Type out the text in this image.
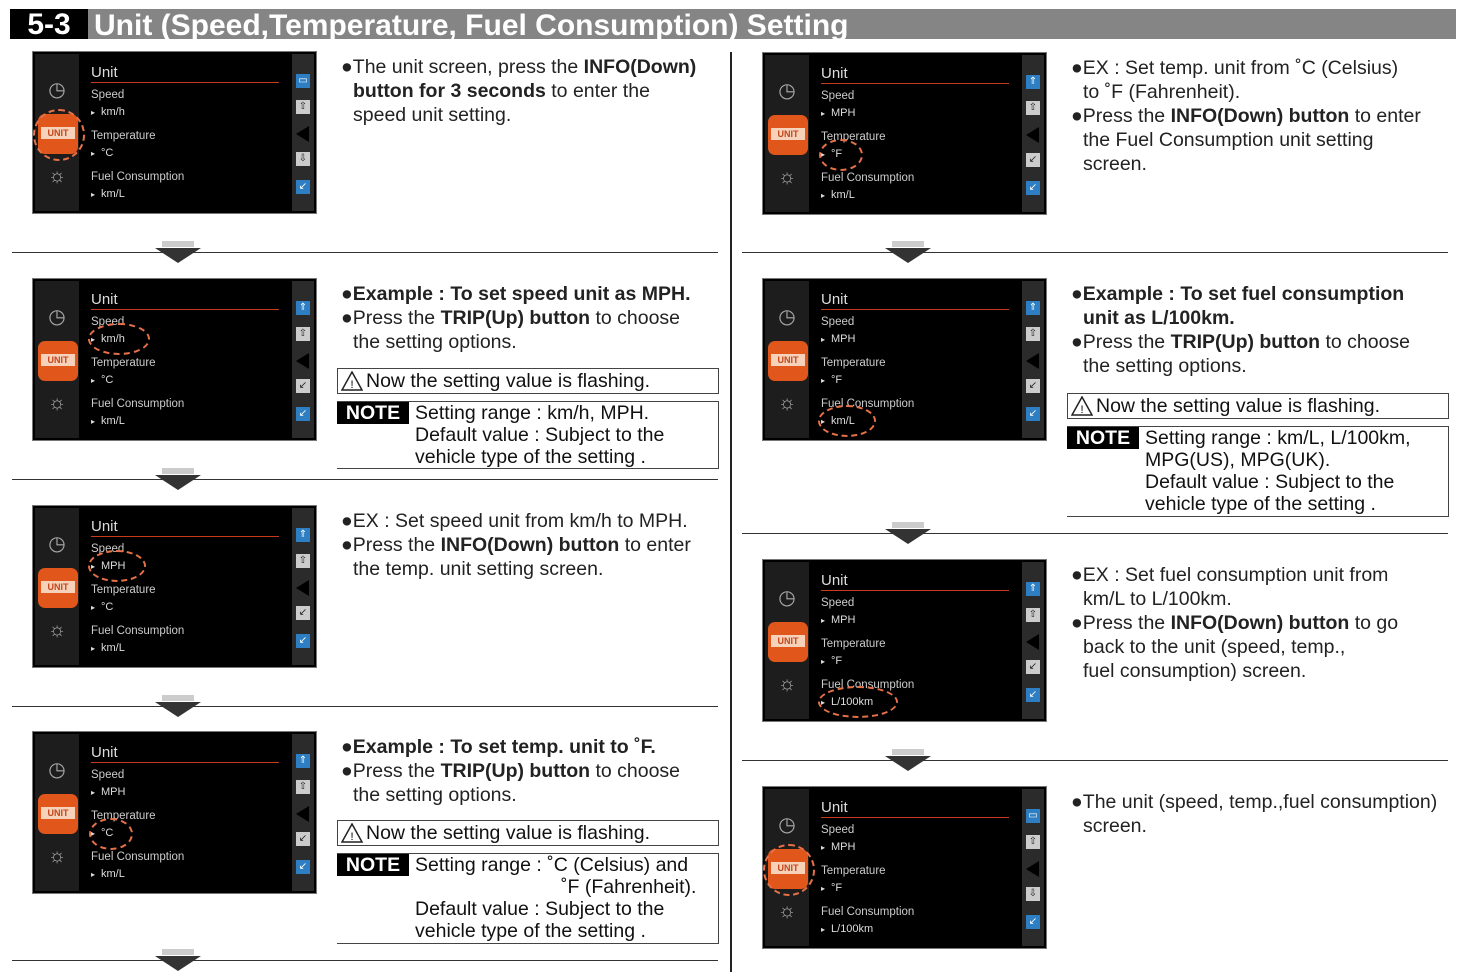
5-3 Unit (Speed,Temperature, Fuel Consumption) Setting
◷
UNIT
☼
Unit
Speed
▸ km/h
Temperature
▸ °C
Fuel Consumption
▸ km/L
▭
⇧
⇩
↙
◷
UNIT
☼
Unit
Speed
▸ km/h
Temperature
▸ °C
Fuel Consumption
▸ km/L
⇑
⇧
↙
↙
◷
UNIT
☼
Unit
Speed
▸ MPH
Temperature
▸ °C
Fuel Consumption
▸ km/L
⇑
⇧
↙
↙
◷
UNIT
☼
Unit
Speed
▸ MPH
Temperature
▸ °C
Fuel Consumption
▸ km/L
⇑
⇧
↙
↙
◷
UNIT
☼
Unit
Speed
▸ MPH
Temperature
▸ °F
Fuel Consumption
▸ km/L
⇑
⇧
↙
↙
◷
UNIT
☼
Unit
Speed
▸ MPH
Temperature
▸ °F
Fuel Consumption
▸ km/L
⇑
⇧
↙
↙
◷
UNIT
☼
Unit
Speed
▸ MPH
Temperature
▸ °F
Fuel Consumption
▸ L/100km
⇑
⇧
↙
↙
◷
UNIT
☼
Unit
Speed
▸ MPH
Temperature
▸ °F
Fuel Consumption
▸ L/100km
▭
⇧
⇩
↙

●The unit screen, press the INFO(Down)

button for 3 seconds to enter the

speed unit setting.

●Example : To set speed unit as MPH.

●Press the TRIP(Up) button to choose

the setting options.

! Now the setting value is flashing.
NOTE Setting range : km/h, MPH.
Default value : Subject to the
vehicle type of the setting .

●EX : Set speed unit from km/h to MPH.

●Press the INFO(Down) button to enter

the temp. unit setting screen.

●Example : To set temp. unit to ˚F.

●Press the TRIP(Up) button to choose

the setting options.

! Now the setting value is flashing.
NOTE Setting range : ˚C (Celsius) and
˚F (Fahrenheit).
Default value : Subject to the
vehicle type of the setting .

●EX : Set temp. unit from ˚C (Celsius)

to ˚F (Fahrenheit).

●Press the INFO(Down) button to enter

the Fuel Consumption unit setting

screen.

●Example : To set fuel consumption

unit as L/100km.

●Press the TRIP(Up) button to choose

the setting options.

! Now the setting value is flashing.
NOTE Setting range : km/L, L/100km,
MPG(US), MPG(UK).
Default value : Subject to the
vehicle type of the setting .

●EX : Set fuel consumption unit from

km/L to L/100km.

●Press the INFO(Down) button to go

back to the unit (speed, temp.,

fuel consumption) screen.

●The unit (speed, temp.,fuel consumption)

screen.
